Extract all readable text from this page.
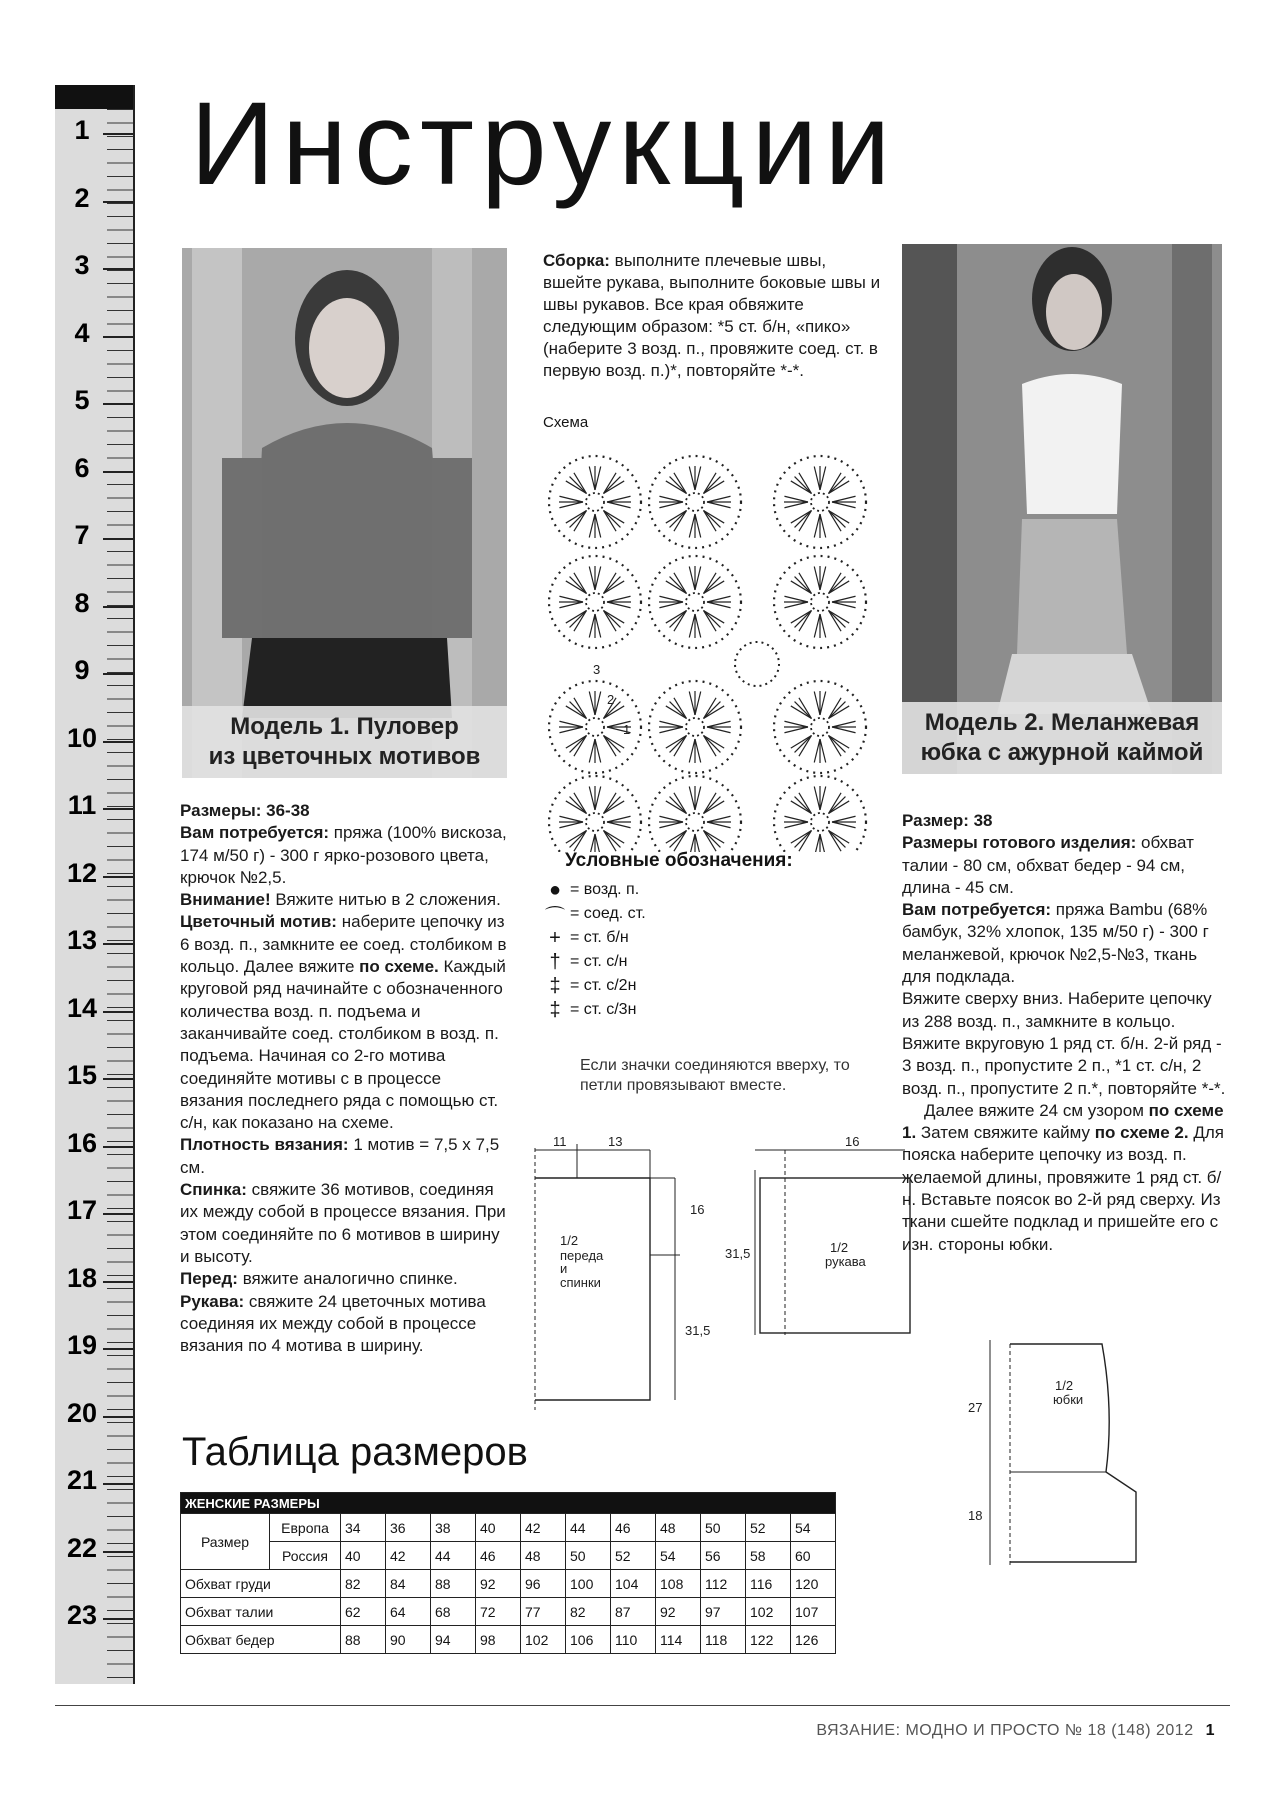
1
2
3
4
5
6
7
8
9
10
11
12
13
14
15
16
17
18
19
20
21
22
23
Инструкции
Модель 1. Пуловер
из цветочных мотивов
Модель 2. Меланжевая
юбка с ажурной каймой
Сборка: выполните плечевые швы, вшейте рукава, выполните боковые швы и швы рукавов. Все края обвяжите следующим образом: *5 ст. б/н, «пико» (наберите 3 возд. п., провяжите соед. ст. в первую возд. п.)*, повторяйте *-*.
Схема
3
2
1
Условные обозначения:
● = возд. п.
⌒ = соед. ст.
+ = ст. б/н
† = ст. с/н
‡ = ст. с/2н
‡ = ст. с/3н
Если значки соединяются вверху, то петли провязывают вместе.

Размеры: 36-38

Вам потребуется: пряжа (100% вискоза, 174 м/50 г) - 300 г ярко-розового цвета, крючок №2,5.

Внимание! Вяжите нитью в 2 сложения.

Цветочный мотив: наберите цепочку из 6 возд. п., замкните ее соед. столбиком в кольцо. Далее вяжите по схеме. Каждый круговой ряд начинайте с обозначенного количества возд. п. подъема и заканчивайте соед. столбиком в возд. п. подъема. Начиная со 2-го мотива соединяйте мотивы с в процессе вязания последнего ряда с помощью ст. с/н, как показано на схеме.

Плотность вязания: 1 мотив = 7,5 х 7,5 см.

Спинка: свяжите 36 мотивов, соединяя их между собой в процессе вязания. При этом соединяйте по 6 мотивов в ширину и высоту.

Перед: вяжите аналогично спинке.

Рукава: свяжите 24 цветочных мотива соединяя их между собой в процессе вязания по 4 мотива в ширину.

Размер: 38

Размеры готового изделия: обхват талии - 80 см, обхват бедер - 94 см, длина - 45 см.

Вам потребуется: пряжа Bambu (68% бамбук, 32% хлопок, 135 м/50 г) - 300 г меланжевой, крючок №2,5-№3, ткань для подклада.

Вяжите сверху вниз. Наберите цепочку из 288 возд. п., замкните в кольцо. Вяжите вкруговую 1 ряд ст. б/н. 2-й ряд - 3 возд. п., пропустите 2 п., *1 ст. с/н, 2 возд. п., пропустите 2 п.*, повторяйте *-*.

Далее вяжите 24 см узором по схеме 1. Затем свяжите кайму по схеме 2. Для пояска наберите цепочку из возд. п. желаемой длины, провяжите 1 ряд ст. б/н. Вставьте поясок во 2-й ряд сверху. Из ткани сшейте подклад и пришейте его с изн. стороны юбки.

11	13
16
31,5
1/2
переда
и
спинки
16
31,5	1/2
рукава
27
18
1/2
юбки
Таблица размеров
ЖЕНСКИЕ РАЗМЕРЫ												
Размер	Европа	34	36	38	40	42	44	46	48	50	52	54
	Россия	40	42	44	46	48	50	52	54	56	58	60
Обхват груди		82	84	88	92	96	100	104	108	112	116	120
Обхват талии		62	64	68	72	77	82	87	92	97	102	107
Обхват бедер		88	90	94	98	102	106	110	114	118	122	126
ВЯЗАНИЕ: МОДНО И ПРОСТО № 18 (148) 2012 1
